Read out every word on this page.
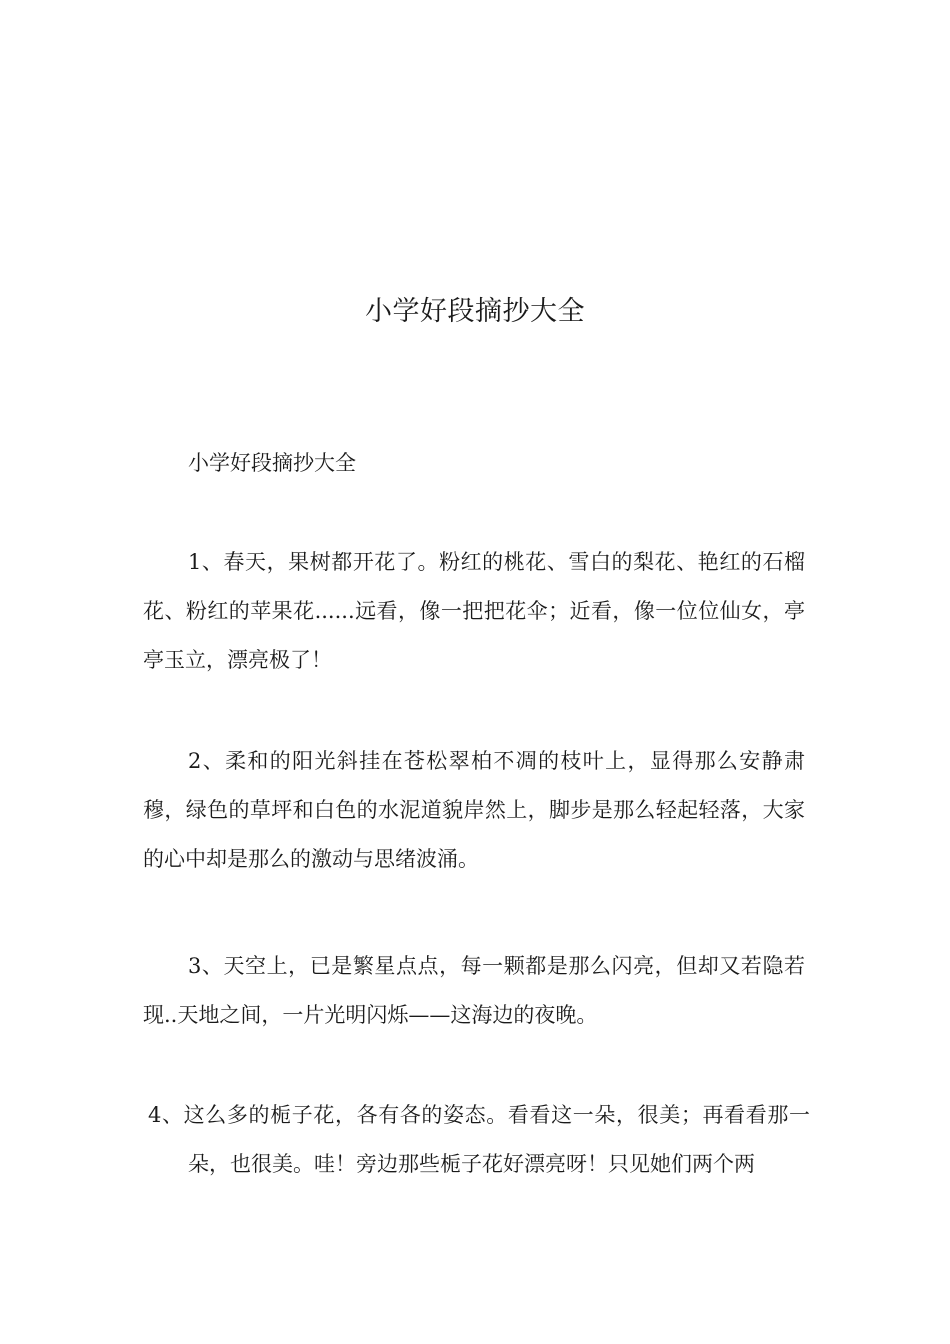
小学好段摘抄大全
小学好段摘抄大全

1、春天，果树都开花了。粉红的桃花、雪白的梨花、艳红的石榴花、粉红的苹果花......远看，像一把把花伞；近看，像一位位仙女，亭亭玉立，漂亮极了！

2、柔和的阳光斜挂在苍松翠柏不凋的枝叶上，显得那么安静肃穆，绿色的草坪和白色的水泥道貌岸然上，脚步是那么轻起轻落，大家的心中却是那么的激动与思绪波涌。

3、天空上，已是繁星点点，每一颗都是那么闪亮，但却又若隐若现..天地之间，一片光明闪烁——这海边的夜晚。

4、这么多的栀子花，各有各的姿态。看看这一朵，很美；再看看那一朵，也很美。哇！旁边那些栀子花好漂亮呀！只见她们两个两
